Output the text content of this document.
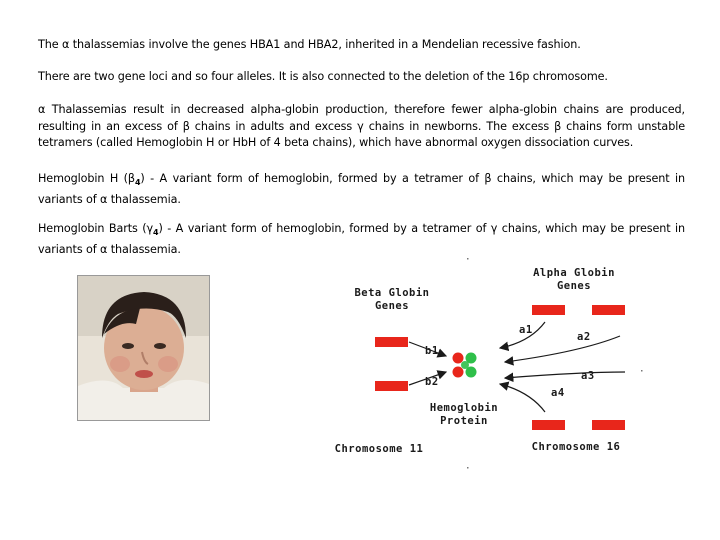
The α thalassemias involve the genes HBA1 and HBA2, inherited in a Mendelian recessive fashion.
There are two gene loci and so four alleles. It is also connected to the deletion of the 16p chromosome.
α Thalassemias result in decreased alpha-globin production, therefore fewer alpha-globin chains are produced, resulting in an excess of β chains in adults and excess γ chains in newborns. The excess β chains form unstable tetramers (called Hemoglobin H or HbH of 4 beta chains), which have abnormal oxygen dissociation curves.
Hemoglobin H $(\beta_4)$ - A variant form of hemoglobin, formed by a tetramer of β chains, which may be present in variants of α thalassemia.
Hemoglobin Barts $(\gamma_4)$ - A variant form of hemoglobin, formed by a tetramer of γ chains, which may be present in variants of α thalassemia.
Beta Globin
Genes
Alpha Globin
Genes
b1
b2
a1
a2
a3
a4
Hemoglobin
Protein
Chromosome 11	Chromosome 16
